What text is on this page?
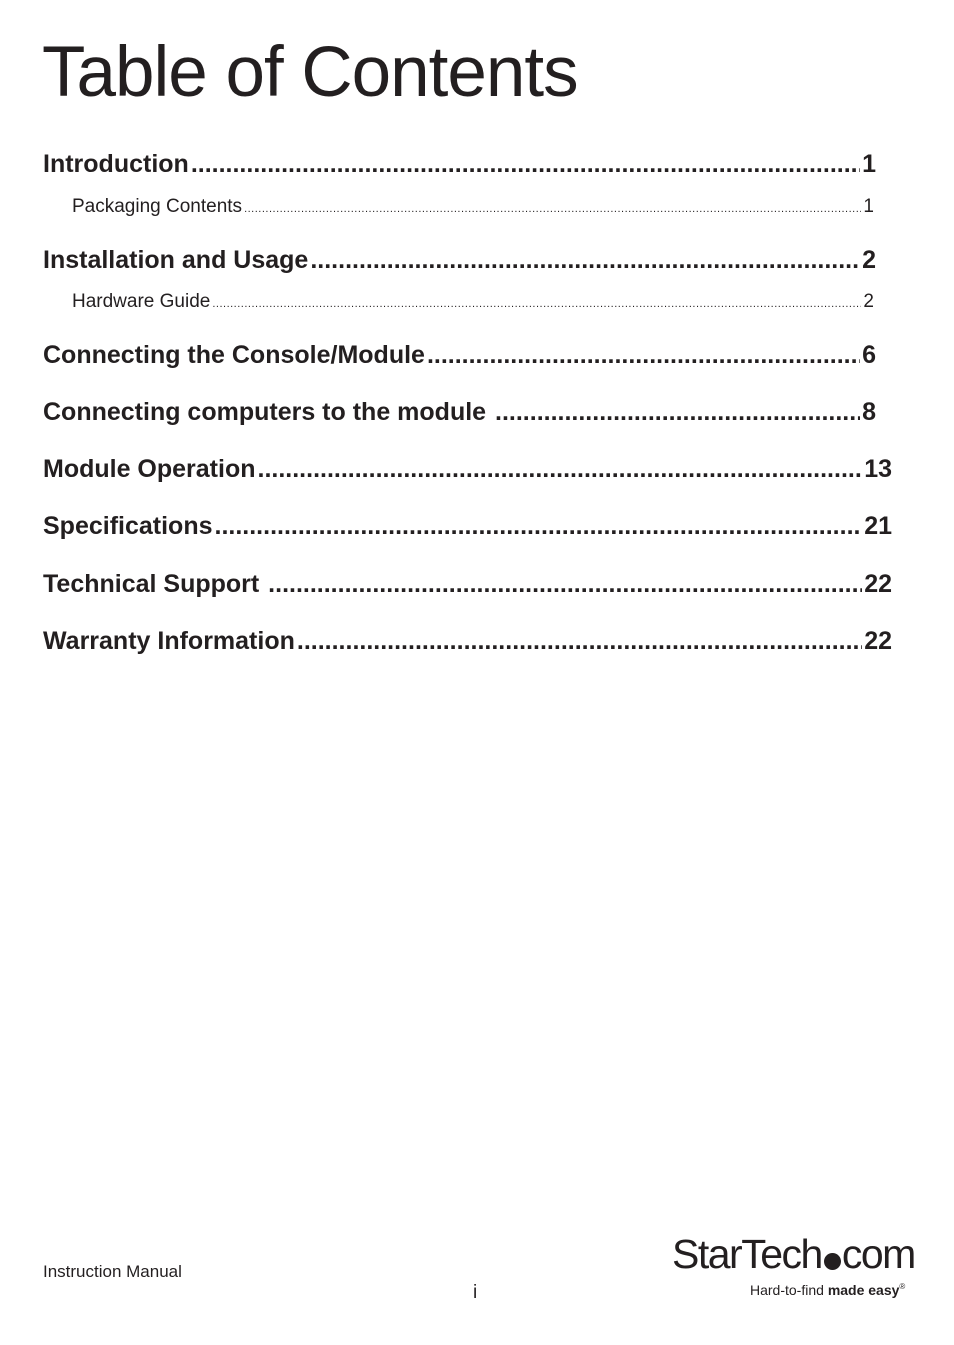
Table of Contents
Introduction .....	1
Packaging Contents .....	1
Installation and Usage .....	2
Hardware Guide .....	2
Connecting the Console/Module .....	6
Connecting computers to the module .....	8
Module Operation .....	13
Specifications .....	21
Technical Support .....	22
Warranty Information .....	22
Instruction Manual
i
StarTech com
Hard-to-find made easy®
